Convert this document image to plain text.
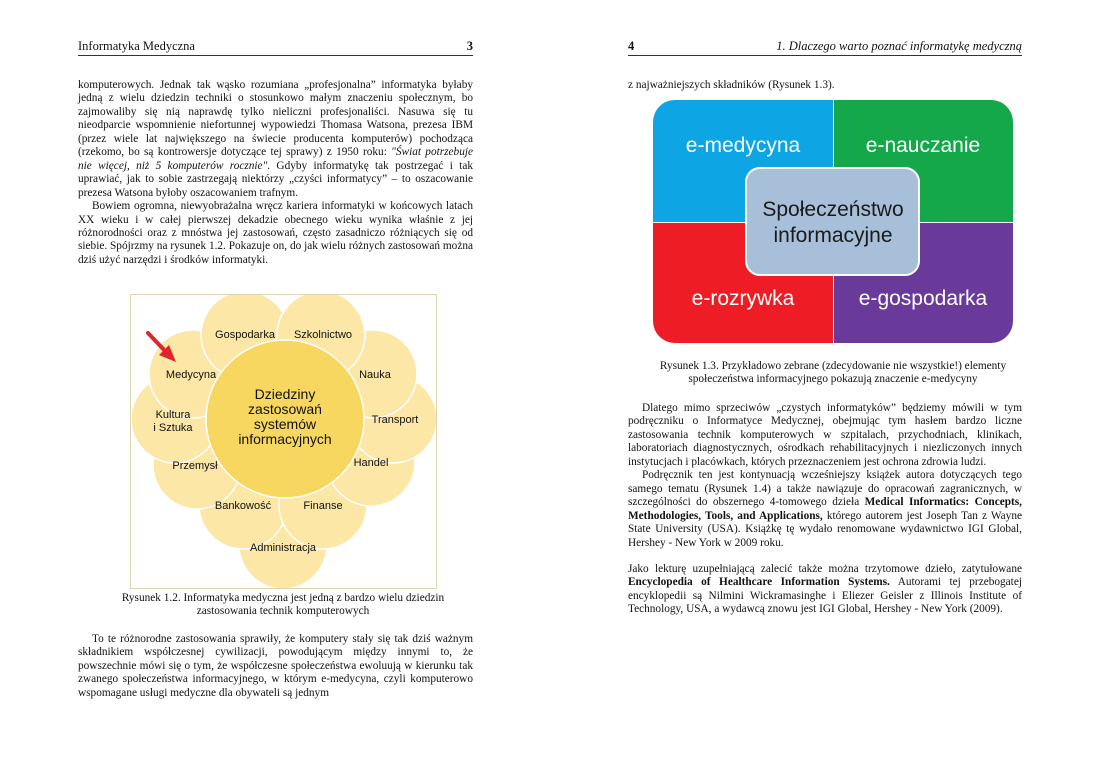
Informatyka Medyczna	3

komputerowych. Jednak tak wąsko rozumiana „profesjonalna” informatyka byłaby jedną z wielu dziedzin techniki o stosunkowo małym znaczeniu społecznym, bo zajmowaliby się nią naprawdę tylko nieliczni profesjonaliści. Nasuwa się tu nieodparcie wspomnienie niefortunnej wypowiedzi Thomasa Watsona, prezesa IBM (przez wiele lat największego na świecie producenta komputerów) pochodząca (rzekomo, bo są kontrowersje dotyczące tej sprawy) z 1950 roku: "Świat potrzebuje nie więcej, niż 5 komputerów rocznie". Gdyby informatykę tak postrzegać i tak uprawiać, jak to sobie zastrzegają niektórzy „czyści informatycy” – to oszacowanie prezesa Watsona byłoby oszacowaniem trafnym.

Bowiem ogromna, niewyobrażalna wręcz kariera informatyki w końcowych latach XX wieku i w całej pierwszej dekadzie obecnego wieku wynika właśnie z jej różnorodności oraz z mnóstwa jej zastosowań, często zasadniczo różniących się od siebie. Spójrzmy na rysunek 1.2. Pokazuje on, do jak wielu różnych zastosowań można dziś użyć narzędzi i środków informatyki.

Gospodarka Szkolnictwo
Medycyna	Nauka
Kultura
i Sztuka
Transport
Przemysł	Handel
Bankowość	Finanse
Administracja
Dziedziny
zastosowań
systemów
informacyjnych
Rysunek 1.2. Informatyka medyczna jest jedną z bardzo wielu dziedzin
zastosowania technik komputerowych

To te różnorodne zastosowania sprawiły, że komputery stały się tak dziś ważnym składnikiem współczesnej cywilizacji, powodującym między innymi to, że powszechnie mówi się o tym, że współczesne społeczeństwa ewoluują w kierunku tak zwanego społeczeństwa informacyjnego, w którym e-medycyna, czyli komputerowo wspomagane usługi medyczne dla obywateli są jednym

4	1. Dlaczego warto poznać informatykę medyczną

z najważniejszych składników (Rysunek 1.3).

e-medycyna	e-nauczanie
e-rozrywka	e-gospodarka
Społeczeństwo
informacyjne
Rysunek 1.3. Przykładowo zebrane (zdecydowanie nie wszystkie!) elementy
społeczeństwa informacyjnego pokazują znaczenie e-medycyny

Dlatego mimo sprzeciwów „czystych informatyków” będziemy mówili w tym podręczniku o Informatyce Medycznej, obejmując tym hasłem bardzo liczne zastosowania technik komputerowych w szpitalach, przychodniach, klinikach, laboratoriach diagnostycznych, ośrodkach rehabilitacyjnych i niezliczonych innych instytucjach i placówkach, których przeznaczeniem jest ochrona zdrowia ludzi.

Podręcznik ten jest kontynuacją wcześniejszy książek autora dotyczących tego samego tematu (Rysunek 1.4) a także nawiązuje do opracowań zagranicznych, w szczególności do obszernego 4-tomowego dzieła Medical Informatics: Concepts, Methodologies, Tools, and Applications, którego autorem jest Joseph Tan z Wayne State University (USA). Książkę tę wydało renomowane wydawnictwo IGI Global, Hershey - New York w 2009 roku.

Jako lekturę uzupełniającą zalecić także można trzytomowe dzieło, zatytułowane Encyclopedia of Healthcare Information Systems. Autorami tej przebogatej encyklopedii są Nilmini Wickramasinghe i Eliezer Geisler z Illinois Institute of Technology, USA, a wydawcą znowu jest IGI Global, Hershey - New York (2009).
